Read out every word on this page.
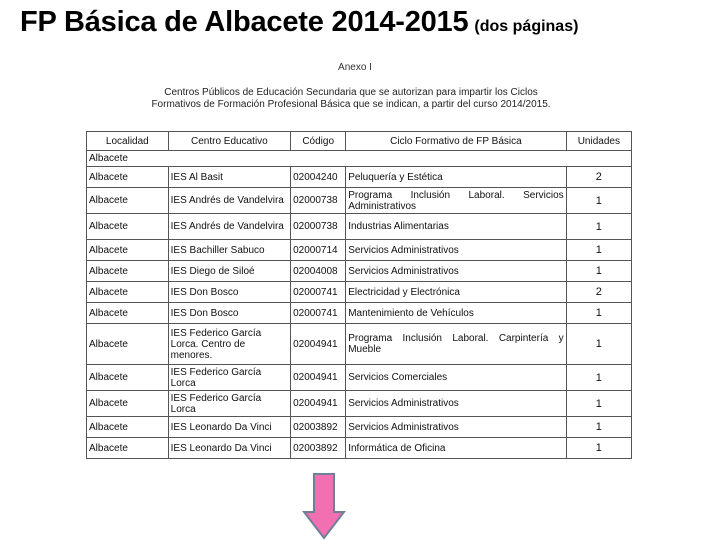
FP Básica de Albacete 2014-2015 (dos páginas)
Anexo I
Centros Públicos de Educación Secundaria que se autorizan para impartir los Ciclos
Formativos de Formación Profesional Básica que se indican, a partir del curso 2014/2015.
Localidad	Centro Educativo	Código	Ciclo Formativo de FP Básica	Unidades
Albacete				
Albacete	IES Al Basit	02004240	Peluquería y Estética	2
Albacete	IES Andrés de Vandelvira	02000738	Programa Inclusión Laboral. Servicios Administrativos	1
Albacete	IES Andrés de Vandelvira	02000738	Industrias Alimentarias	1
Albacete	IES Bachiller Sabuco	02000714	Servicios Administrativos	1
Albacete	IES Diego de Siloé	02004008	Servicios Administrativos	1
Albacete	IES Don Bosco	02000741	Electricidad y Electrónica	2
Albacete	IES Don Bosco	02000741	Mantenimiento de Vehículos	1
Albacete	IES Federico García Lorca. Centro de menores.	02004941	Programa Inclusión Laboral. Carpintería y Mueble	1
Albacete	IES Federico García Lorca	02004941	Servicios Comerciales	1
Albacete	IES Federico García Lorca	02004941	Servicios Administrativos	1
Albacete	IES Leonardo Da Vinci	02003892	Servicios Administrativos	1
Albacete	IES Leonardo Da Vinci	02003892	Informática de Oficina	1
